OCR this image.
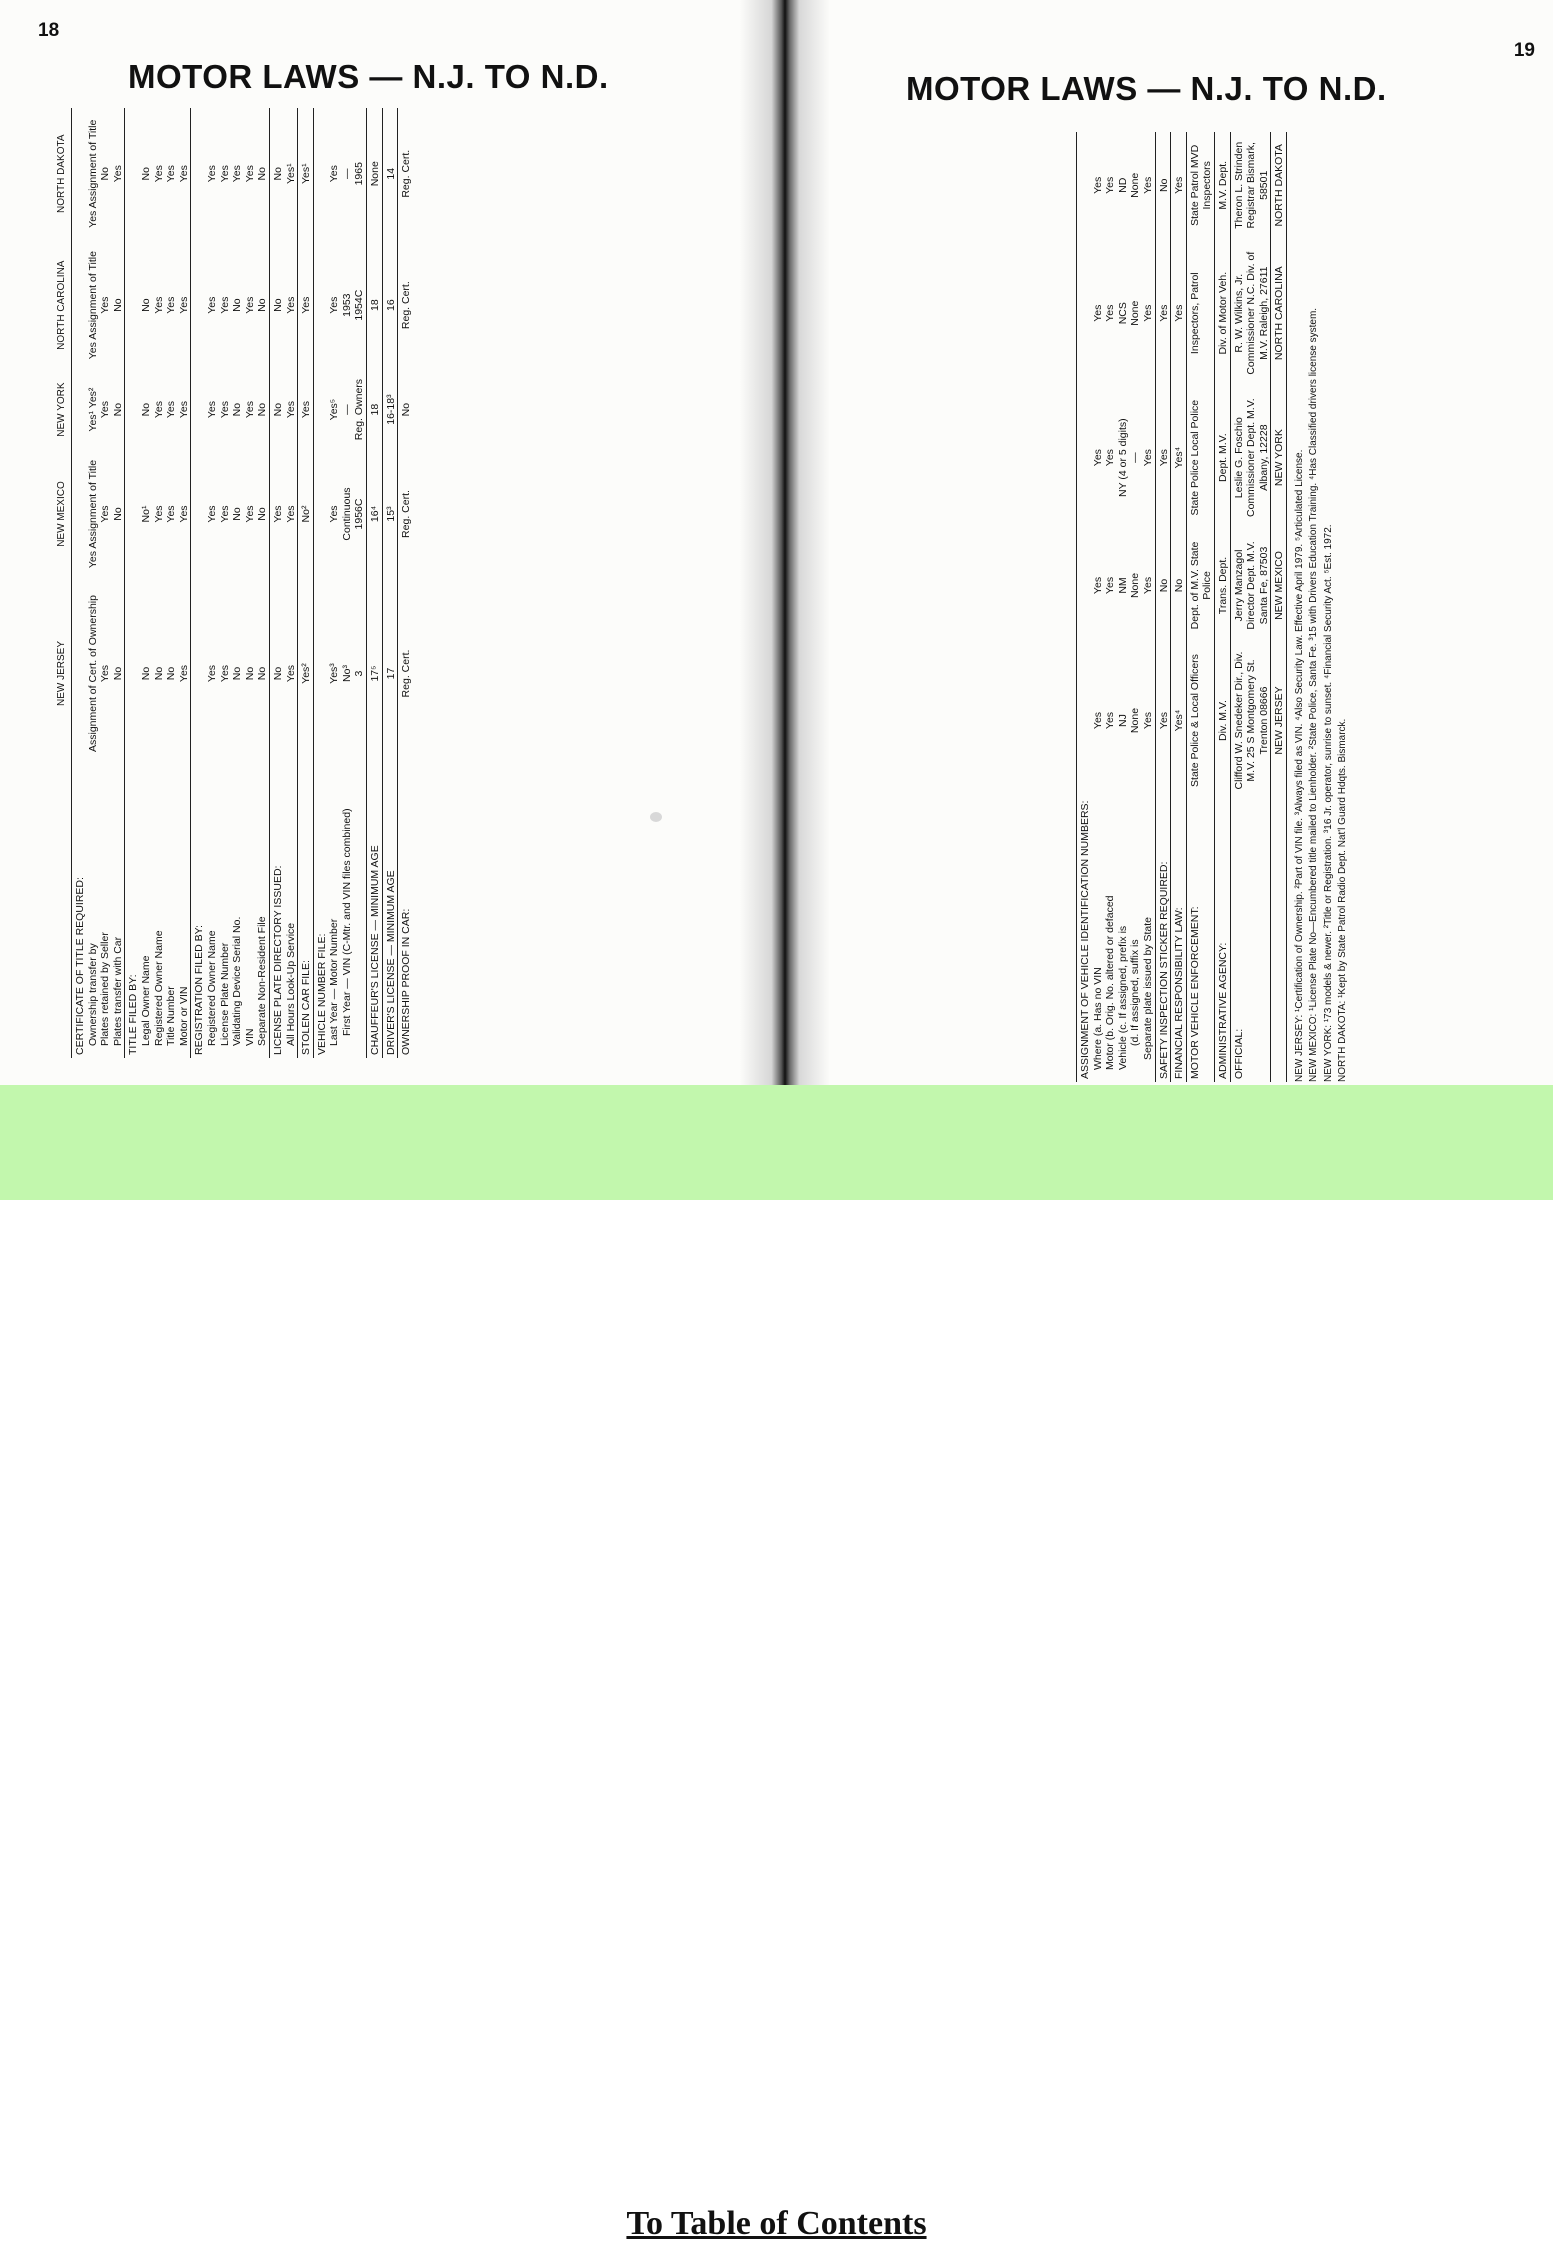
18
MOTOR LAWS — N.J. TO N.D.
	NEW JERSEY	NEW MEXICO	NEW YORK	NORTH CAROLINA	NORTH DAKOTA
CERTIFICATE OF TITLE REQUIRED:					
Ownership transfer by	Assignment of Cert. of Ownership	Yes Assignment of Title	Yes¹ Yes²	Yes Assignment of Title	Yes Assignment of Title
Plates retained by Seller	Yes	Yes	Yes	Yes	No
Plates transfer with Car	No	No	No	No	Yes
TITLE FILED BY:					
Legal Owner Name	No	No¹	No	No	No
Registered Owner Name	No	Yes	Yes	Yes	Yes
Title Number	No	Yes	Yes	Yes	Yes
Motor or VIN	Yes	Yes	Yes	Yes	Yes
REGISTRATION FILED BY:					
Registered Owner Name	Yes	Yes	Yes	Yes	Yes
License Plate Number	Yes	Yes	Yes	Yes	Yes
Validating Device Serial No.	No	No	No	No	Yes
VIN	No	Yes	Yes	Yes	Yes
Separate Non-Resident File	No	No	No	No	No
LICENSE PLATE DIRECTORY ISSUED:	No	Yes	No	No	No
All Hours Look-Up Service	Yes	Yes	Yes	Yes	Yes¹
STOLEN CAR FILE:	Yes²	No²	Yes	Yes	Yes¹
VEHICLE NUMBER FILE:					
Last Year — Motor Number	Yes³	Yes	Yes⁵	Yes	Yes
First Year — VIN (C-Mtr. and VIN files combined)	No³	Continuous	—	1953	—
	3	1956C	Reg. Owners	1954C	1965
CHAUFFEUR'S LICENSE — MINIMUM AGE	17⁵	16⁴	18	18	None
DRIVER'S LICENSE — MINIMUM AGE	17	15³	16-18³	16	14
OWNERSHIP PROOF IN CAR:	Reg. Cert.	Reg. Cert.	No	Reg. Cert.	Reg. Cert.
19
MOTOR LAWS — N.J. TO N.D.
ASSIGNMENT OF VEHICLE IDENTIFICATION NUMBERS:					
Where (a. Has no VIN	Yes	Yes	Yes	Yes	Yes
Motor (b. Orig. No. altered or defaced	Yes	Yes	Yes	Yes	Yes
Vehicle (c. If assigned, prefix is	NJ	NM	NY (4 or 5 digits)	NCS	ND
(d. If assigned, suffix is	None	None	—	None	None
Separate plate issued by State	Yes	Yes	Yes	Yes	Yes
SAFETY INSPECTION STICKER REQUIRED:	Yes	No	Yes	Yes	No
FINANCIAL RESPONSIBILITY LAW:	Yes⁴	No	Yes⁴	Yes	Yes
MOTOR VEHICLE ENFORCEMENT:	State Police & Local Officers	Dept. of M.V. State Police	State Police Local Police	Inspectors, Patrol	State Patrol MVD Inspectors
ADMINISTRATIVE AGENCY:	Div. M.V.	Trans. Dept.	Dept. M.V.	Div. of Motor Veh.	M.V. Dept.
OFFICIAL:	Clifford W. Snedeker Dir., Div. M.V. 25 S Montgomery St. Trenton 08666	Jerry Manzagol Director Dept. M.V. Santa Fe, 87503	Leslie G. Foschio Commissioner Dept. M.V. Albany, 12228	R. W. Wilkins, Jr. Commissioner N.C. Div. of M.V. Raleigh, 27611	Theron L. Strinden Registrar Bismark, 58501
	NEW JERSEY	NEW MEXICO	NEW YORK	NORTH CAROLINA	NORTH DAKOTA
NEW JERSEY: ¹Certification of Ownership. ²Part of VIN file. ³Always filed as VIN. ⁴Also Security Law. Effective April 1979. ⁵Articulated License. NEW MEXICO: ¹License Plate No—Encumbered title mailed to Lienholder. ²State Police, Santa Fe. ³15 with Drivers Education Training. ⁴Has Classified drivers license system. NEW YORK: ¹73 models & newer. ²Title or Registration. ³16 Jr. operator, sunrise to sunset. ⁴Financial Security Act. ⁵Est. 1972. NORTH DAKOTA: ¹Kept by State Patrol Radio Dept. Nat'l Guard Hdqts. Bismarck.
To Table of Contents
